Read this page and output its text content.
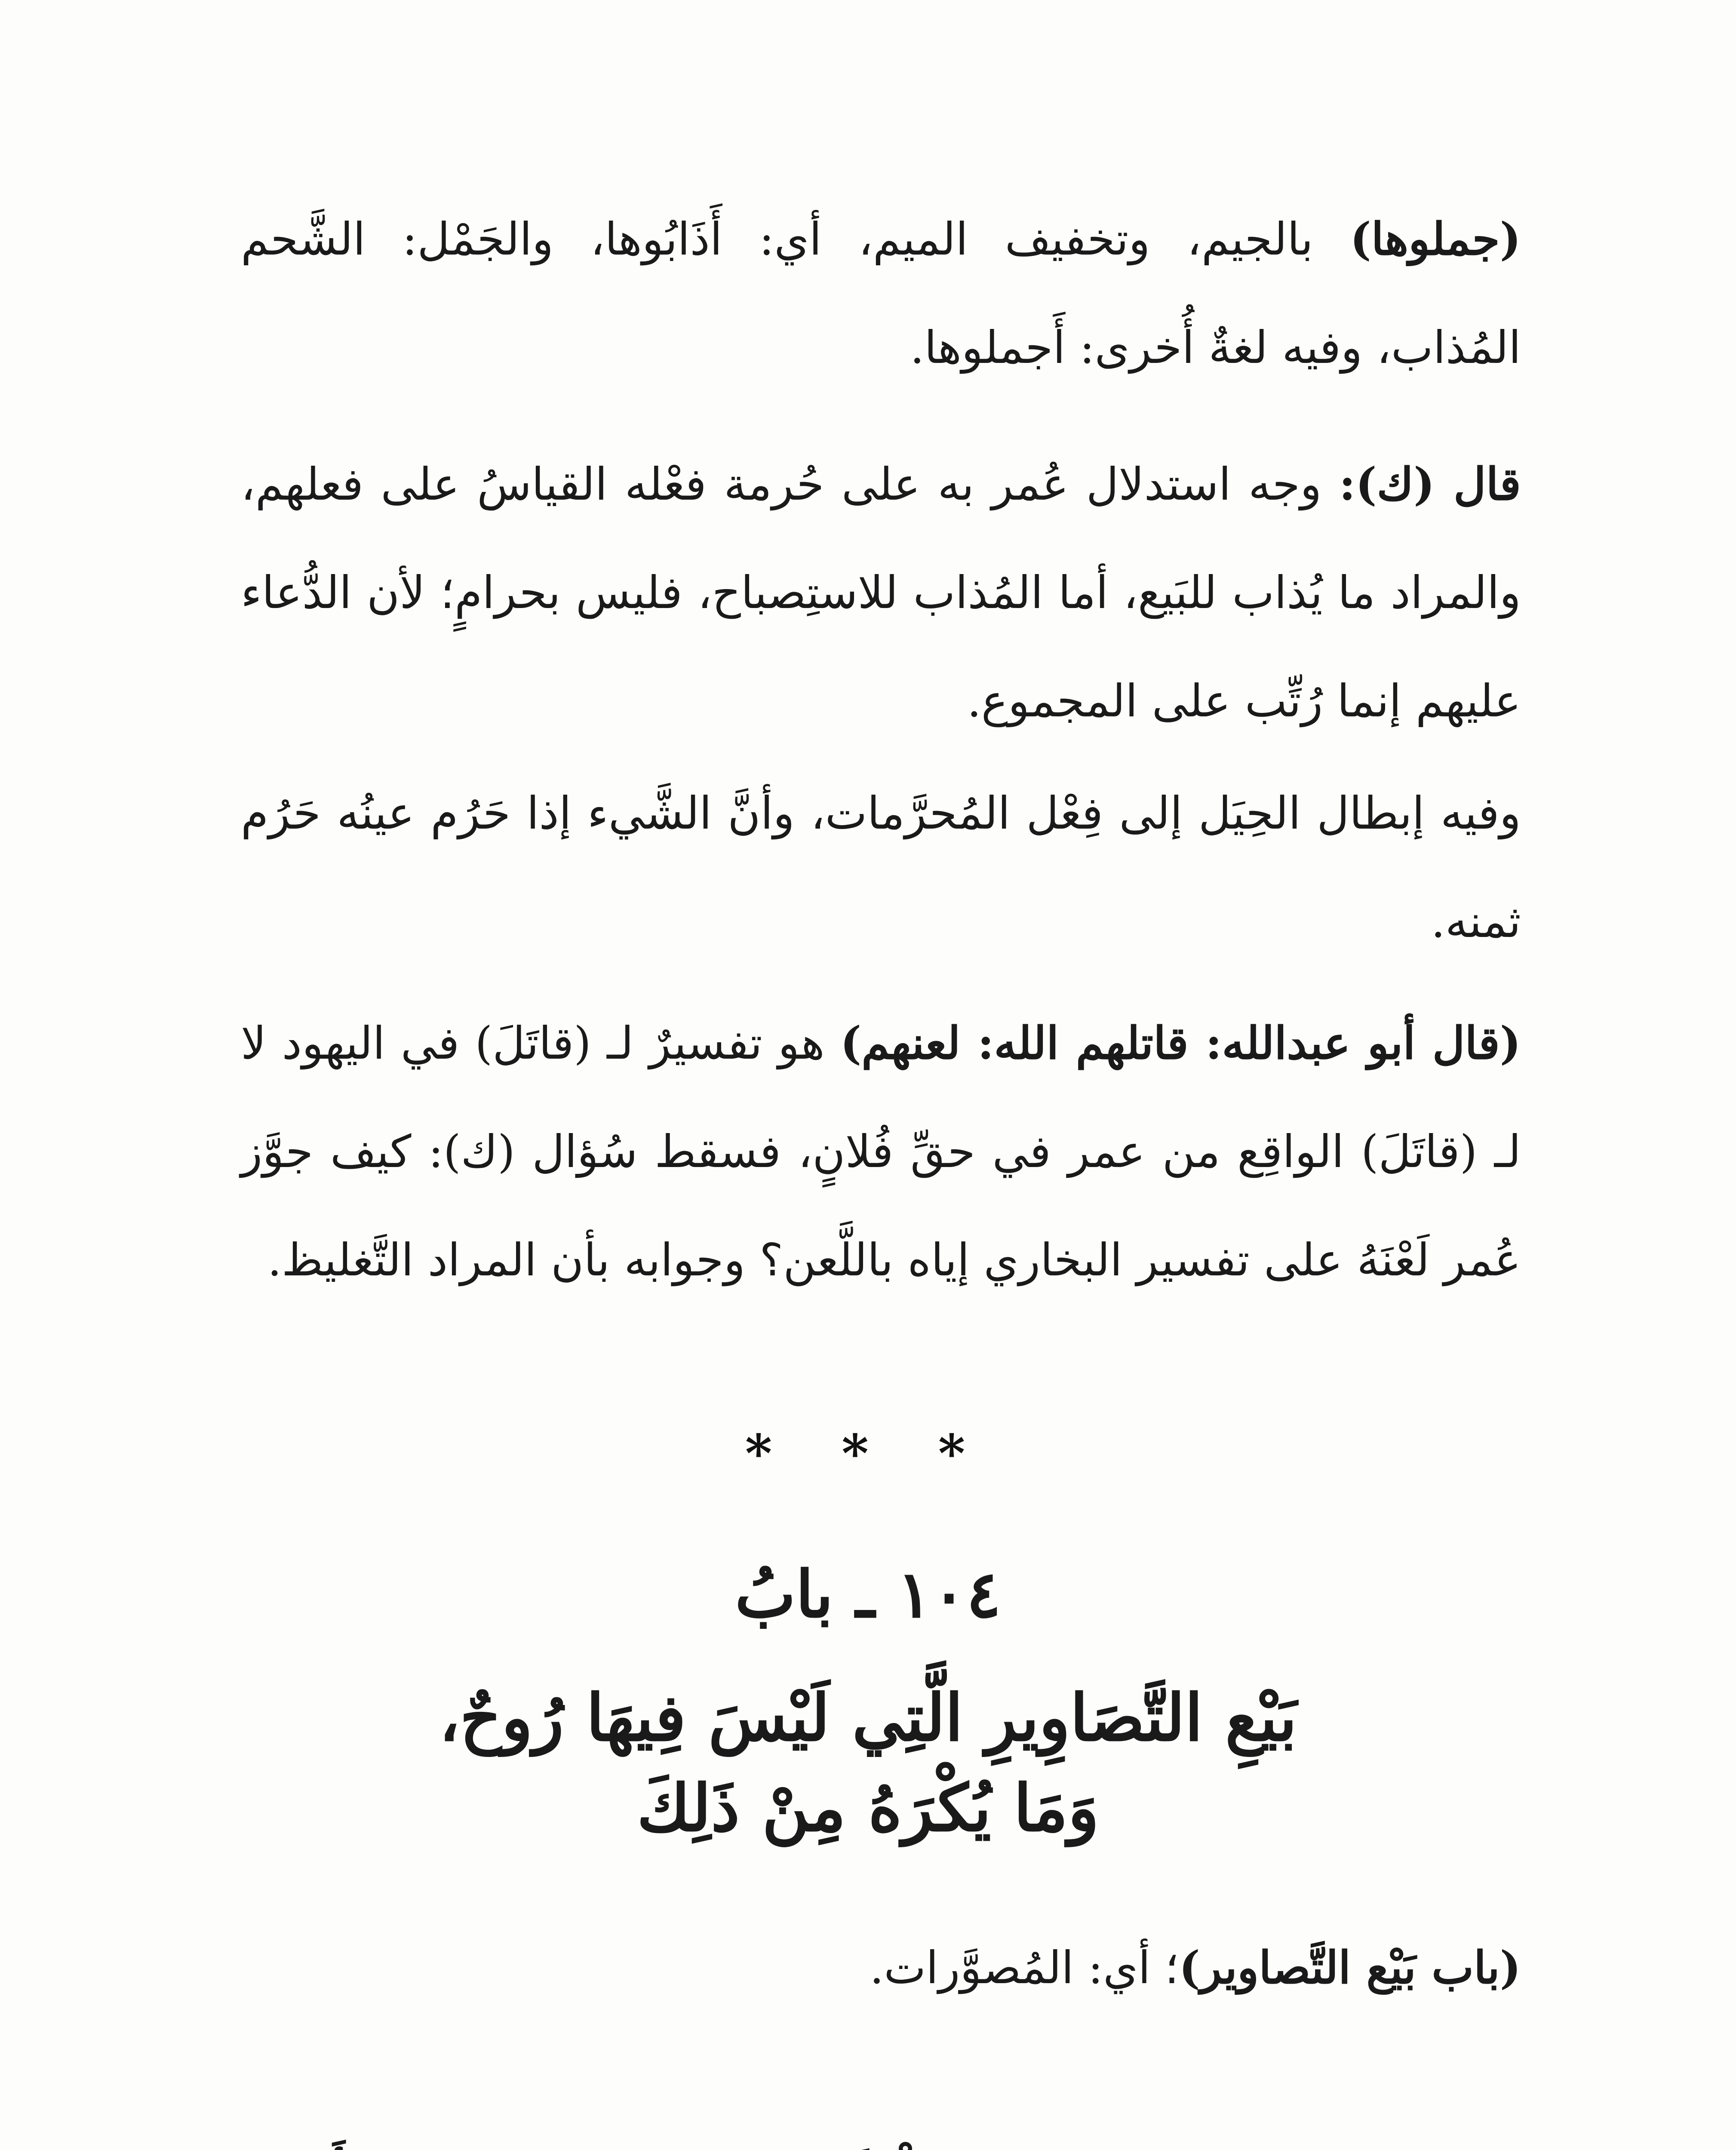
(جملوها) بالجيم، وتخفيف الميم، أي: أَذَابُوها، والجَمْل: الشَّحم المُذاب، وفيه لغةٌ أُخرى: أَجملوها.

قال (ك): وجه استدلال عُمر به على حُرمة فعْله القياسُ على فعلهم، والمراد ما يُذاب للبَيع، أما المُذاب للاستِصباح، فليس بحرامٍ؛ لأن الدُّعاء عليهم إنما رُتِّب على المجموع.

وفيه إبطال الحِيَل إلى فِعْل المُحرَّمات، وأنَّ الشَّيء إذا حَرُم عينُه حَرُم ثمنه.

(قال أبو عبدالله: قاتلهم الله: لعنهم) هو تفسيرٌ لـ (قاتَلَ) في اليهود لا لـ (قاتَلَ) الواقِع من عمر في حقِّ فُلانٍ، فسقط سُؤال (ك): كيف جوَّز عُمر لَعْنَهُ على تفسير البخاري إياه باللَّعن؟ وجوابه بأن المراد التَّغليظ.

* * *
١٠٤ ـ بابُ
بَيْعِ التَّصَاوِيرِ الَّتِي لَيْسَ فِيهَا رُوحٌ،
وَمَا يُكْرَهُ مِنْ ذَلِكَ

(باب بَيْع التَّصاوير)؛ أي: المُصوَّرات.
